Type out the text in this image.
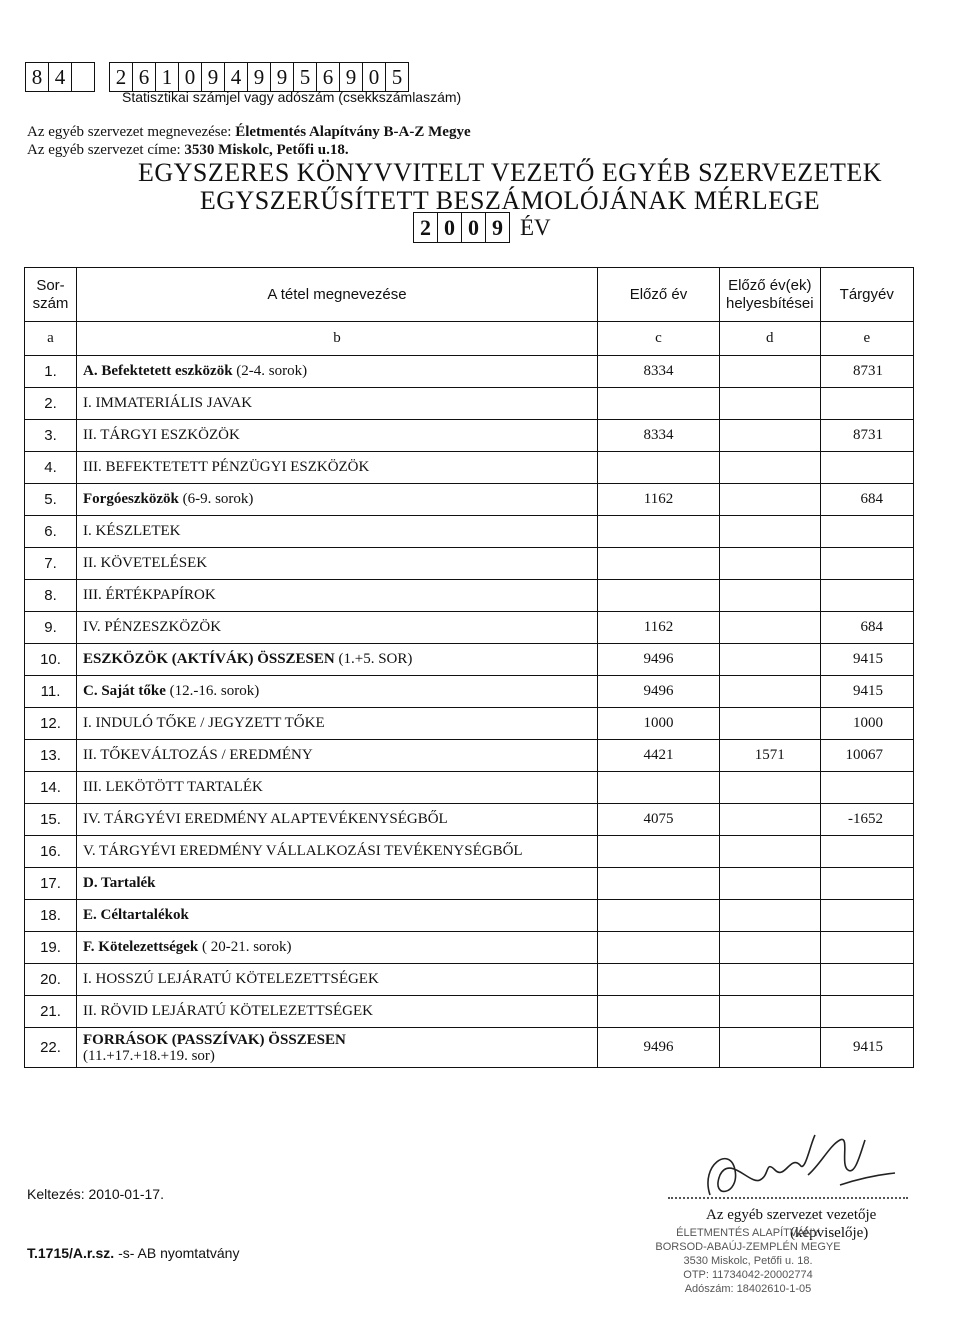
8 4	2 6 1 0 9 4 9 9 5 6 9 0 5
Statisztikai számjel vagy adószám (csekkszámlaszám)
Az egyéb szervezet megnevezése: Életmentés Alapítvány B-A-Z Megye
Az egyéb szervezet címe: 3530 Miskolc, Petőfi u.18.
EGYSZERES KÖNYVVITELT VEZETŐ EGYÉB SZERVEZETEK
EGYSZERŰSÍTETT BESZÁMOLÓJÁNAK MÉRLEGE
2 0 0 9 ÉV
Sor-
szám	A tétel megnevezése	Előző év	Előző év(ek) helyesbítései	Tárgyév
a	b	c	d	e
1.	A. Befektetett eszközök (2-4. sorok)	8334		8731
2.	I. IMMATERIÁLIS JAVAK			
3.	II. TÁRGYI ESZKÖZÖK	8334		8731
4.	III. BEFEKTETETT PÉNZÜGYI ESZKÖZÖK			
5.	Forgóeszközök (6-9. sorok)	1162		684
6.	I. KÉSZLETEK			
7.	II. KÖVETELÉSEK			
8.	III. ÉRTÉKPAPÍROK			
9.	IV. PÉNZESZKÖZÖK	1162		684
10.	ESZKÖZÖK (AKTÍVÁK) ÖSSZESEN (1.+5. SOR)	9496		9415
11.	C. Saját tőke (12.-16. sorok)	9496		9415
12.	I. INDULÓ TŐKE / JEGYZETT TŐKE	1000		1000
13.	II. TŐKEVÁLTOZÁS / EREDMÉNY	4421	1571	10067
14.	III. LEKÖTÖTT TARTALÉK			
15.	IV. TÁRGYÉVI EREDMÉNY ALAPTEVÉKENYSÉGBŐL	4075		-1652
16.	V. TÁRGYÉVI EREDMÉNY VÁLLALKOZÁSI TEVÉKENYSÉGBŐL			
17.	D. Tartalék			
18.	E. Céltartalékok			
19.	F. Kötelezettségek ( 20-21. sorok)			
20.	I. HOSSZÚ LEJÁRATÚ KÖTELEZETTSÉGEK			
21.	II. RÖVID LEJÁRATÚ KÖTELEZETTSÉGEK			
22.	FORRÁSOK (PASSZÍVAK) ÖSSZESEN
(11.+17.+18.+19. sor)	9496		9415
Keltezés: 2010-01-17.
T.1715/A.r.sz. -s- AB nyomtatvány
Az egyéb szervezet vezetője
(képviselője)
ÉLETMENTÉS ALAPÍTVÁNY
BORSOD-ABAÚJ-ZEMPLÉN MEGYE
3530 Miskolc, Petőfi u. 18.
OTP: 11734042-20002774
Adószám: 18402610-1-05
